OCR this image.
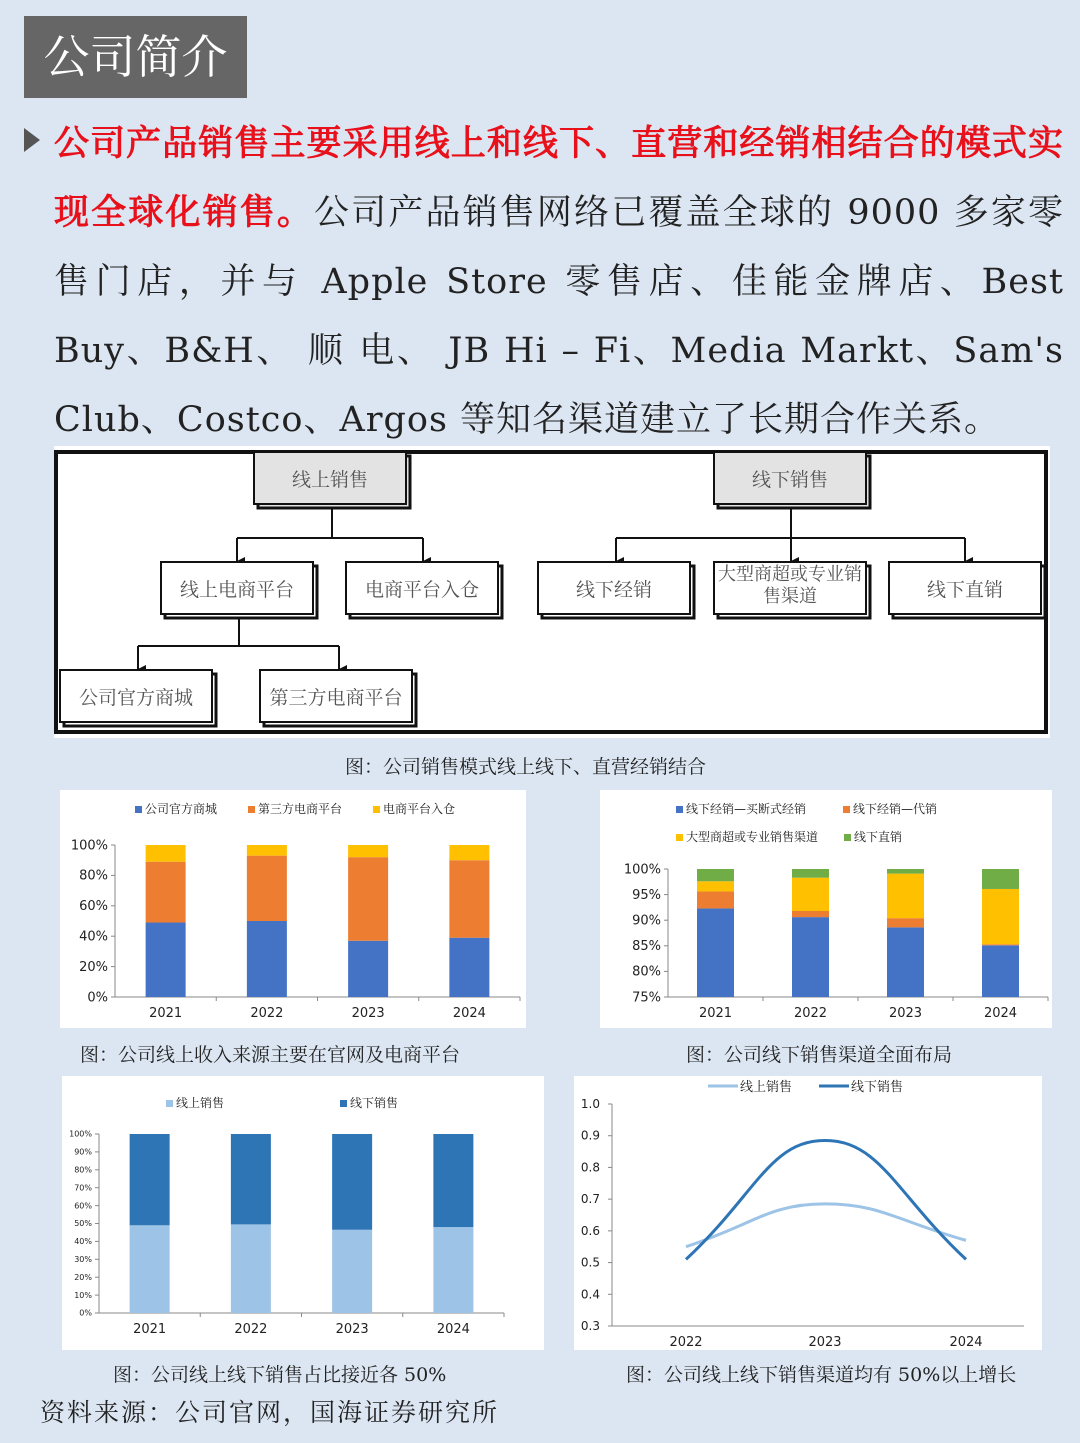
公司简介
公司产品销售主要采用线上和线下、直营和经销相结合的模式实现全球化销售。公司产品销售网络已覆盖全球的 9000 多家零售门店，并与 Apple Store 零售店、佳能金牌店、Best Buy、B&H、 顺 电、 JB Hi – Fi、Media Markt、Sam's Club、Costco、Argos 等知名渠道建立了长期合作关系。
线上销售	线下销售
线上电商平台	电商平台入仓	线下经销
大型商超或专业销售渠道	线下直销
公司官方商城	第三方电商平台
图：公司销售模式线上线下、直营经销结合
0%
20%
40%
60%
80%
100%
2021	2022	2023	2024
公司官方商城	第三方电商平台	电商平台入仓
图：公司线上收入来源主要在官网及电商平台
75%
80%
85%
90%
95%
100%
2021	2022	2023	2024
线下经销—买断式经销	线下经销—代销
大型商超或专业销售渠道	线下直销
图：公司线下销售渠道全面布局
0%
10%
20%
30%
40%
50%
60%
70%
80%
90%
100%
2021	2022	2023	2024
线上销售	线下销售
图：公司线上线下销售占比接近各 50%
0.3
0.4
0.5
0.6
0.7
0.8
0.9
1.0
2022	2023	2024
线上销售	线下销售
图：公司线上线下销售渠道均有 50%以上增长
资料来源：公司官网，国海证券研究所
